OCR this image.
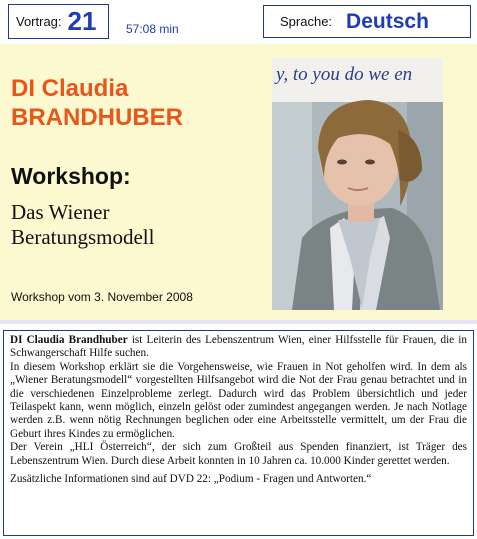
Vortrag: 21 57:08 min	Sprache: Deutsch
DI Claudia
BRANDHUBER
Workshop:
Das Wiener
Beratungsmodell
Workshop vom 3. November 2008
y, to you do we en

DI Claudia Brandhuber ist Leiterin des Lebenszentrum Wien, einer Hilfsstelle für Frauen, die in Schwangerschaft Hilfe suchen.

In diesem Workshop erklärt sie die Vorgehensweise, wie Frauen in Not geholfen wird. In dem als „Wiener Beratungsmodell“ vorgestellten Hilfsangebot wird die Not der Frau genau betrachtet und in die verschiedenen Einzelprobleme zerlegt. Dadurch wird das Problem übersichtlich und jeder Teilaspekt kann, wenn möglich, einzeln gelöst oder zumindest angegangen werden. Je nach Notlage werden z.B. wenn nötig Rechnungen beglichen oder eine Arbeitsstelle vermittelt, um der Frau die Geburt ihres Kindes zu ermöglichen.

Der Verein „HLI Österreich“, der sich zum Großteil aus Spenden finanziert, ist Träger des Lebenszentrum Wien. Durch diese Arbeit konnten in 10 Jahren ca. 10.000 Kinder gerettet werden.

Zusätzliche Informationen sind auf DVD 22: „Podium - Fragen und Antworten.“
